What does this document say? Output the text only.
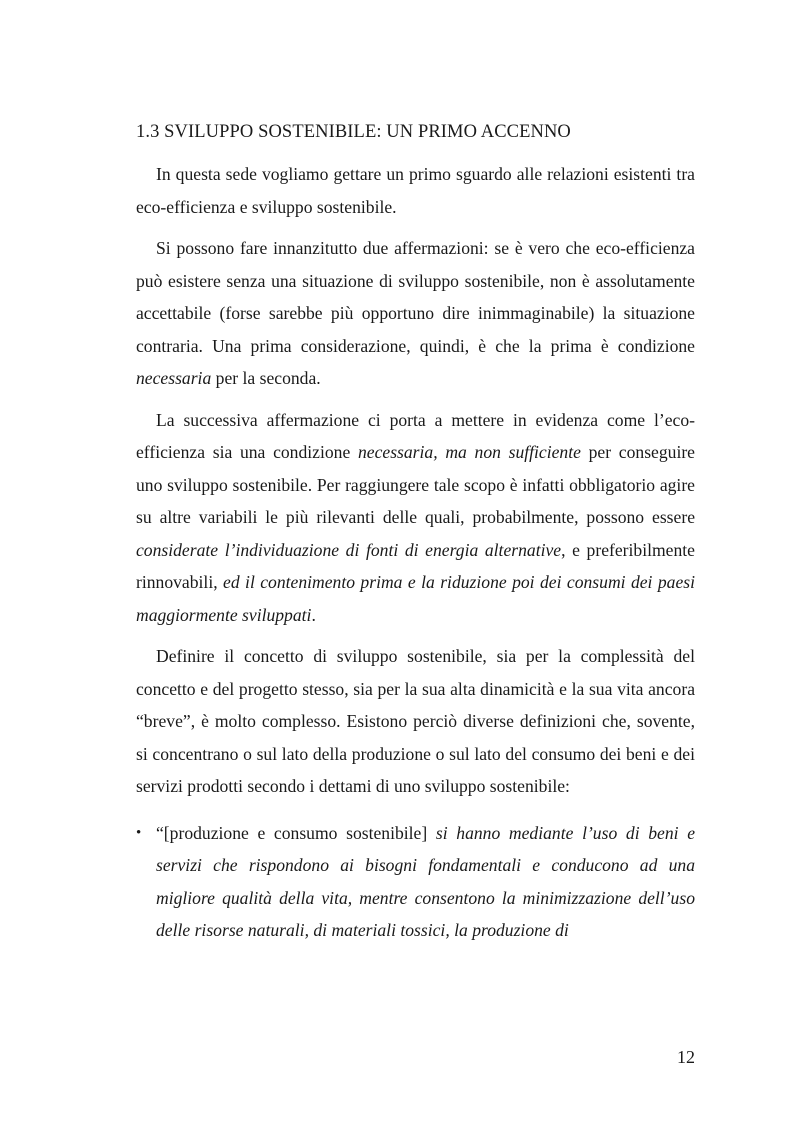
1.3 SVILUPPO SOSTENIBILE: UN PRIMO ACCENNO

In questa sede vogliamo gettare un primo sguardo alle relazioni esistenti tra eco-efficienza e sviluppo sostenibile.

Si possono fare innanzitutto due affermazioni: se è vero che eco-efficienza può esistere senza una situazione di sviluppo sostenibile, non è assolutamente accettabile (forse sarebbe più opportuno dire inimmaginabile) la situazione contraria. Una prima considerazione, quindi, è che la prima è condizione necessaria per la seconda.

La successiva affermazione ci porta a mettere in evidenza come l’eco-efficienza sia una condizione necessaria, ma non sufficiente per conseguire uno sviluppo sostenibile. Per raggiungere tale scopo è infatti obbligatorio agire su altre variabili le più rilevanti delle quali, probabilmente, possono essere considerate l’individuazione di fonti di energia alternative, e preferibilmente rinnovabili, ed il contenimento prima e la riduzione poi dei consumi dei paesi maggiormente sviluppati.

Definire il concetto di sviluppo sostenibile, sia per la complessità del concetto e del progetto stesso, sia per la sua alta dinamicità e la sua vita ancora “breve”, è molto complesso. Esistono perciò diverse definizioni che, sovente, si concentrano o sul lato della produzione o sul lato del consumo dei beni e dei servizi prodotti secondo i dettami di uno sviluppo sostenibile:

• “[produzione e consumo sostenibile] si hanno mediante l’uso di beni e servizi che rispondono ai bisogni fondamentali e conducono ad una migliore qualità della vita, mentre consentono la minimizzazione dell’uso delle risorse naturali, di materiali tossici, la produzione di

12
